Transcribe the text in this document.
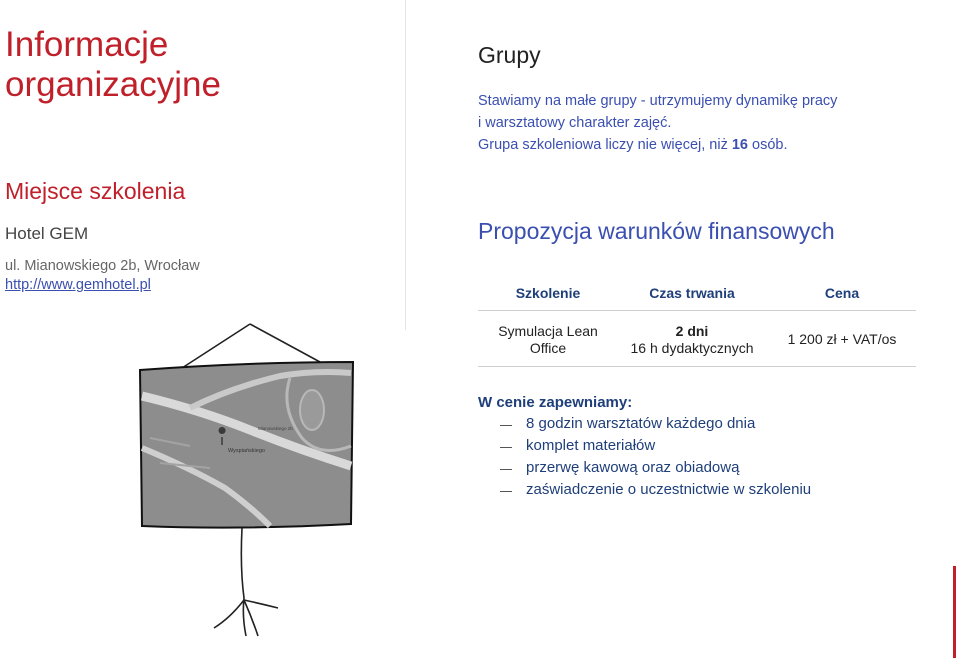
Informacje
organizacyjne
Miejsce szkolenia
Hotel GEM
ul. Mianowskiego 2b, Wrocław
http://www.gemhotel.pl
Wyspiańskiego
Mianowskiego 2b
Grupy

Stawiamy na małe grupy - utrzymujemy dynamikę pracy

i warsztatowy charakter zajęć.

Grupa szkoleniowa liczy nie więcej, niż 16 osób.

Propozycja warunków finansowych
Szkolenie	Czas trwania	Cena
Symulacja Lean
Office
2 dni
16 h dydaktycznych
1 200 zł + VAT/os
W cenie zapewniamy:
8 godzin warsztatów każdego dnia
komplet materiałów
przerwę kawową oraz obiadową
zaświadczenie o uczestnictwie w szkoleniu
